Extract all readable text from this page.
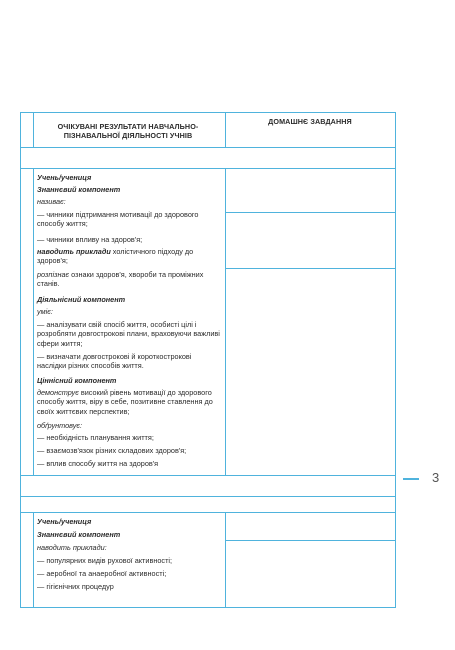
ОЧІКУВАНІ РЕЗУЛЬТАТИ НАВЧАЛЬНО-ПІЗНАВАЛЬНОЇ ДІЯЛЬНОСТІ УЧНІВ
ДОМАШНЄ ЗАВДАННЯ
Учень/учениця
Знаннєвий компонент
називає:
— чинники підтримання мотивації до здорового способу життя;
— чинники впливу на здоров'я;
наводить приклади холістичного підходу до здоров'я;
розпізнає ознаки здоров'я, хвороби та проміжних станів.
Діяльнісний компонент
уміє:
— аналізувати свій спосіб життя, особисті цілі і розробляти довгострокові плани, враховуючи важливі сфери життя;
— визначати довгострокові й короткострокові наслідки різних способів життя.
Ціннісний компонент
демонструє високий рівень мотивації до здорового способу життя, віру в себе, позитивне ставлення до своїх життєвих перспектив;
обґрунтовує:
— необхідність планування життя;
— взаємозв'язок різних складових здоров'я;
— вплив способу життя на здоров'я
Учень/учениця
Знаннєвий компонент
наводить приклади:
— популярних видів рухової активності;
— аеробної та анаеробної активності;
— гігієнічних процедур
3
